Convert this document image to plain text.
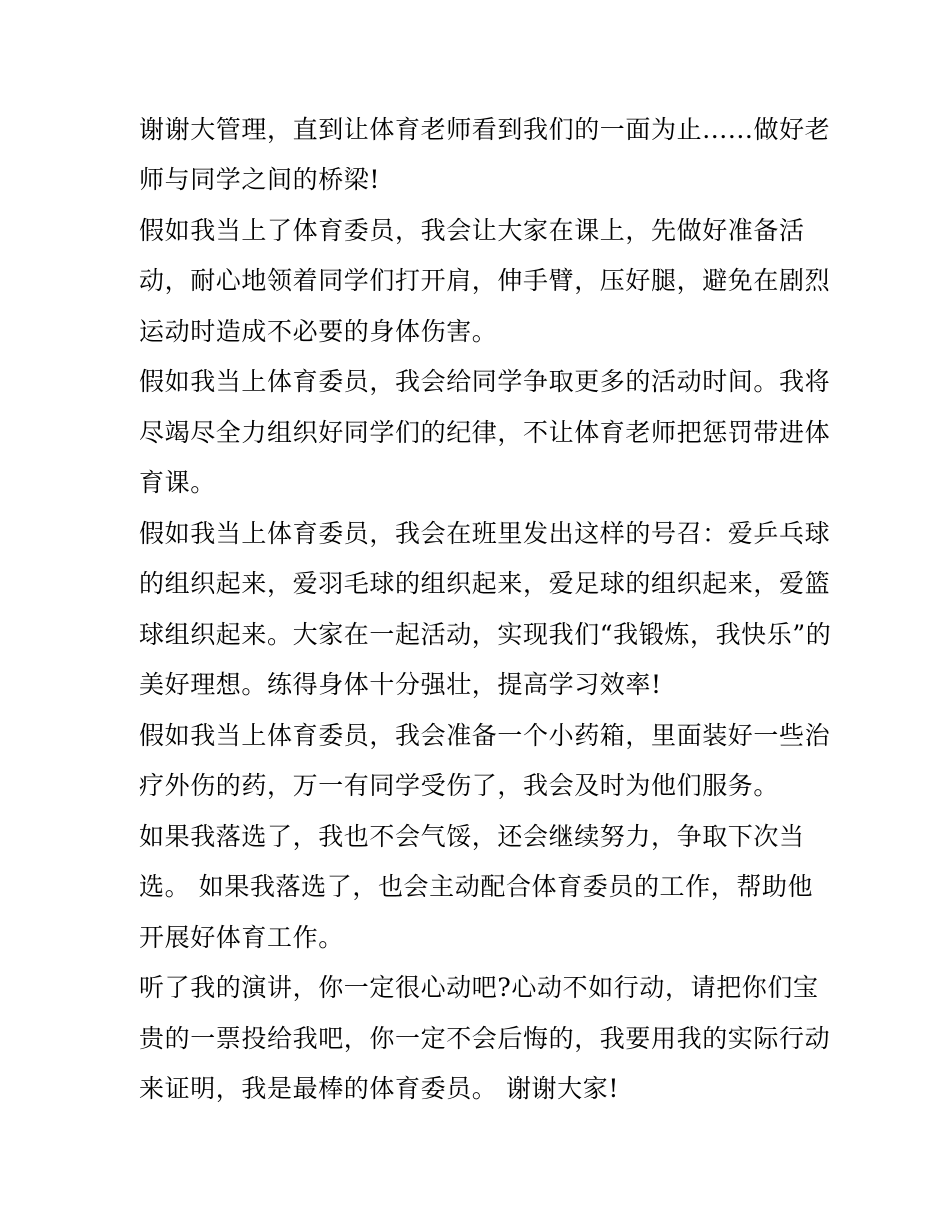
谢谢大管理，直到让体育老师看到我们的一面为止......做好老
师与同学之间的桥梁!
假如我当上了体育委员，我会让大家在课上，先做好准备活
动，耐心地领着同学们打开肩，伸手臂，压好腿，避免在剧烈
运动时造成不必要的身体伤害。
假如我当上体育委员，我会给同学争取更多的活动时间。我将
尽竭尽全力组织好同学们的纪律，不让体育老师把惩罚带进体
育课。
假如我当上体育委员，我会在班里发出这样的号召：爱乒乓球
的组织起来，爱羽毛球的组织起来，爱足球的组织起来，爱篮
球组织起来。大家在一起活动，实现我们“我锻炼，我快乐”的
美好理想。练得身体十分强壮，提高学习效率!
假如我当上体育委员，我会准备一个小药箱，里面装好一些治
疗外伤的药，万一有同学受伤了，我会及时为他们服务。
如果我落选了，我也不会气馁，还会继续努力，争取下次当
选。 如果我落选了，也会主动配合体育委员的工作，帮助他
开展好体育工作。
听了我的演讲，你一定很心动吧?心动不如行动，请把你们宝
贵的一票投给我吧，你一定不会后悔的，我要用我的实际行动
来证明，我是最棒的体育委员。 谢谢大家!
